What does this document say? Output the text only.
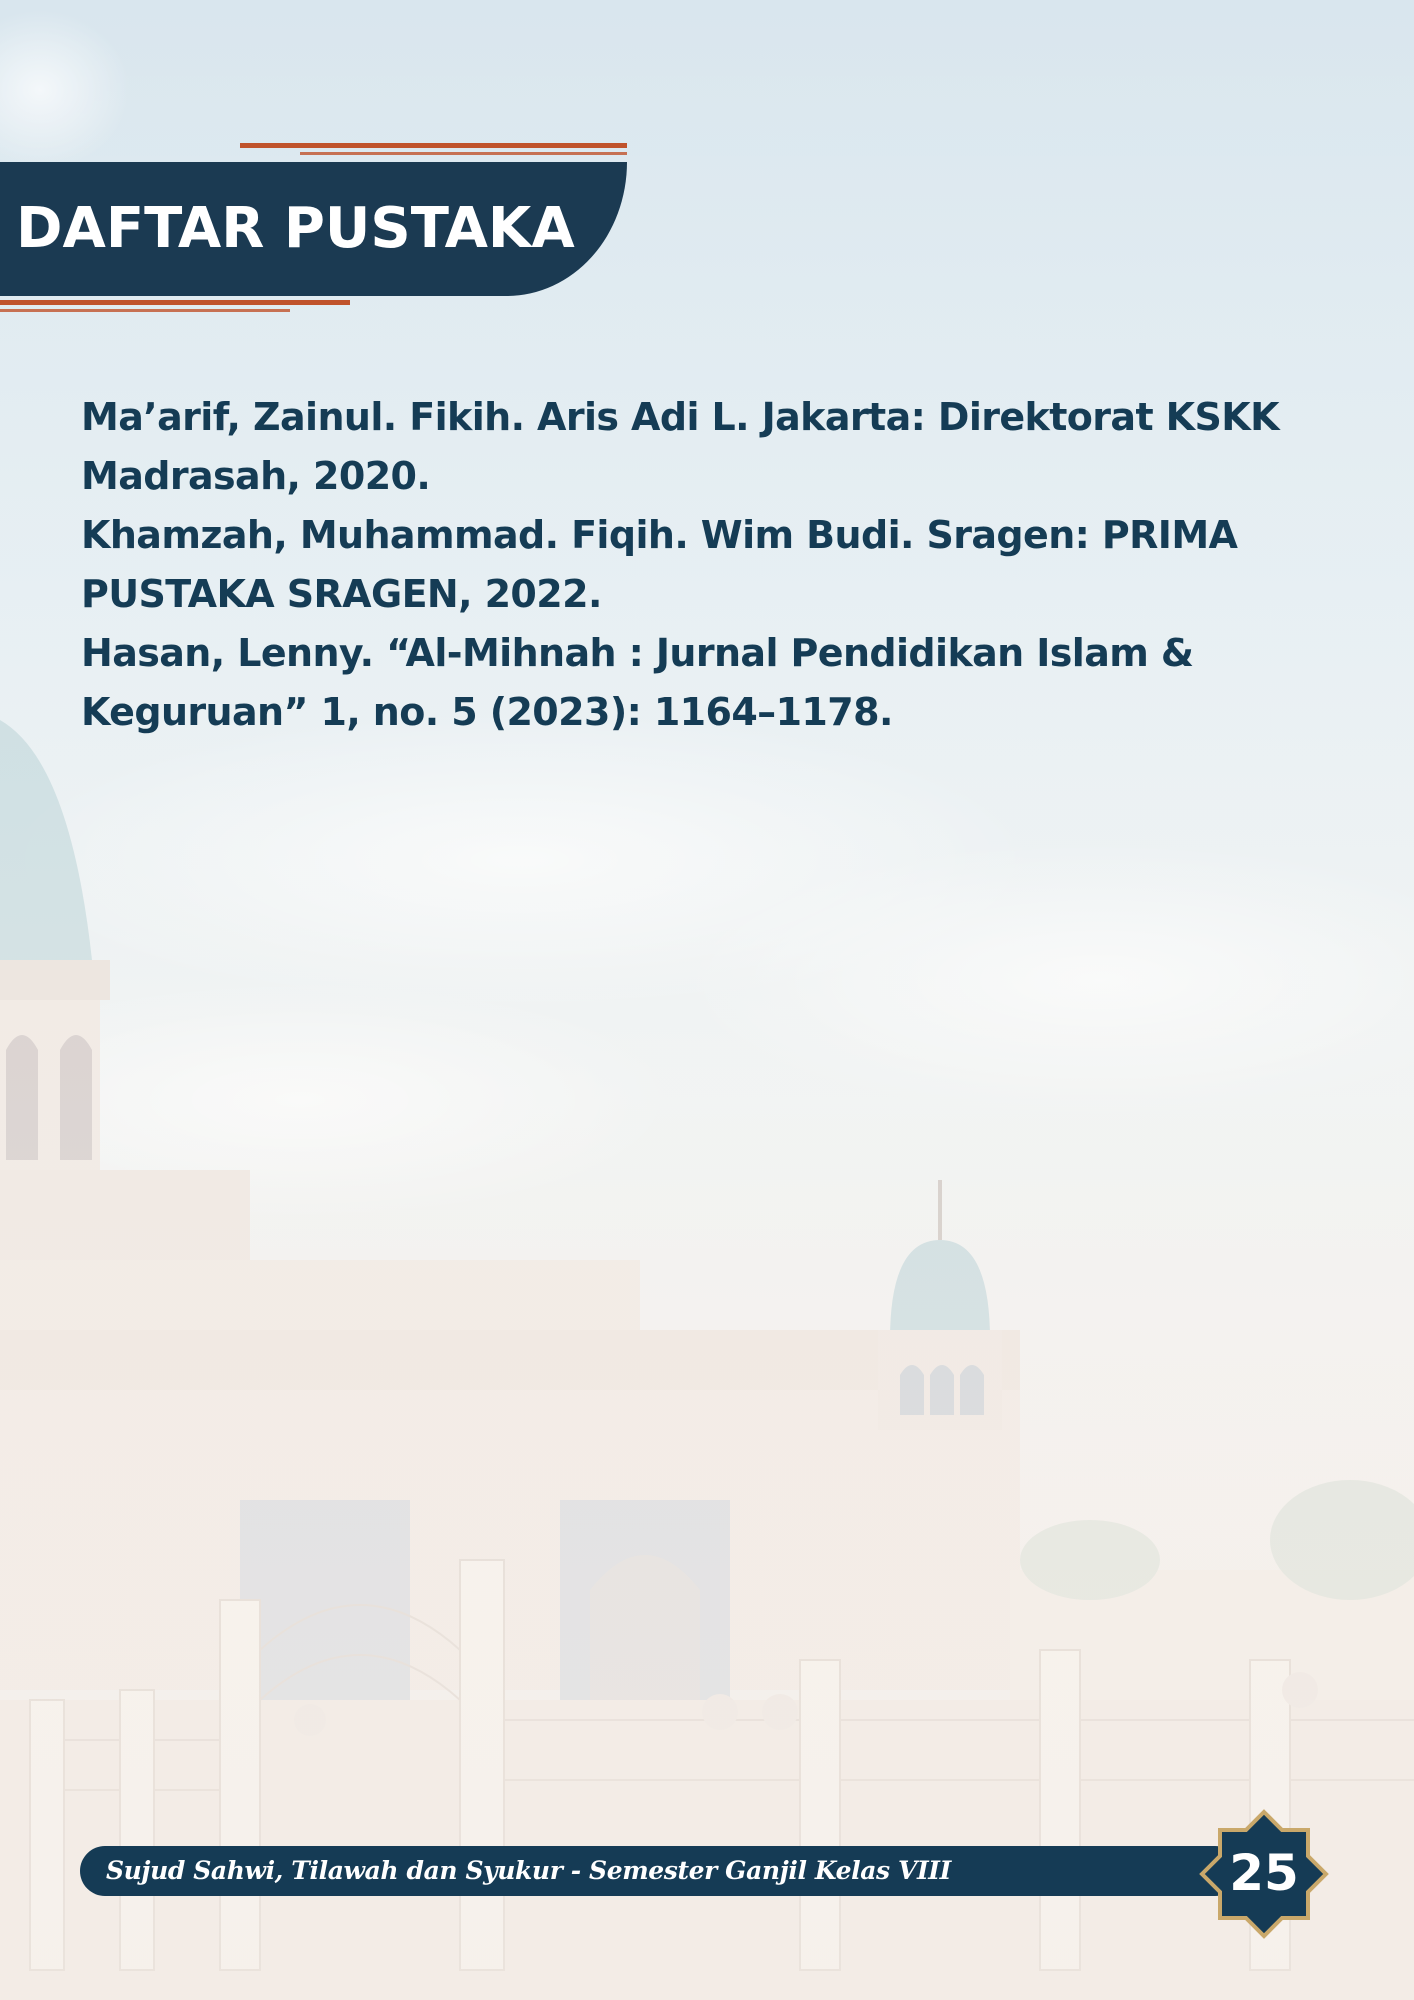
DAFTAR PUSTAKA

Ma’arif, Zainul. Fikih. Aris Adi L. Jakarta: Direktorat KSKK Madrasah, 2020.

Khamzah, Muhammad. Fiqih. Wim Budi. Sragen: PRIMA PUSTAKA SRAGEN, 2022.

Hasan, Lenny. “Al-Mihnah : Jurnal Pendidikan Islam & Keguruan” 1, no. 5 (2023): 1164–1178.

Sujud Sahwi, Tilawah dan Syukur - Semester Ganjil Kelas VIII	25
